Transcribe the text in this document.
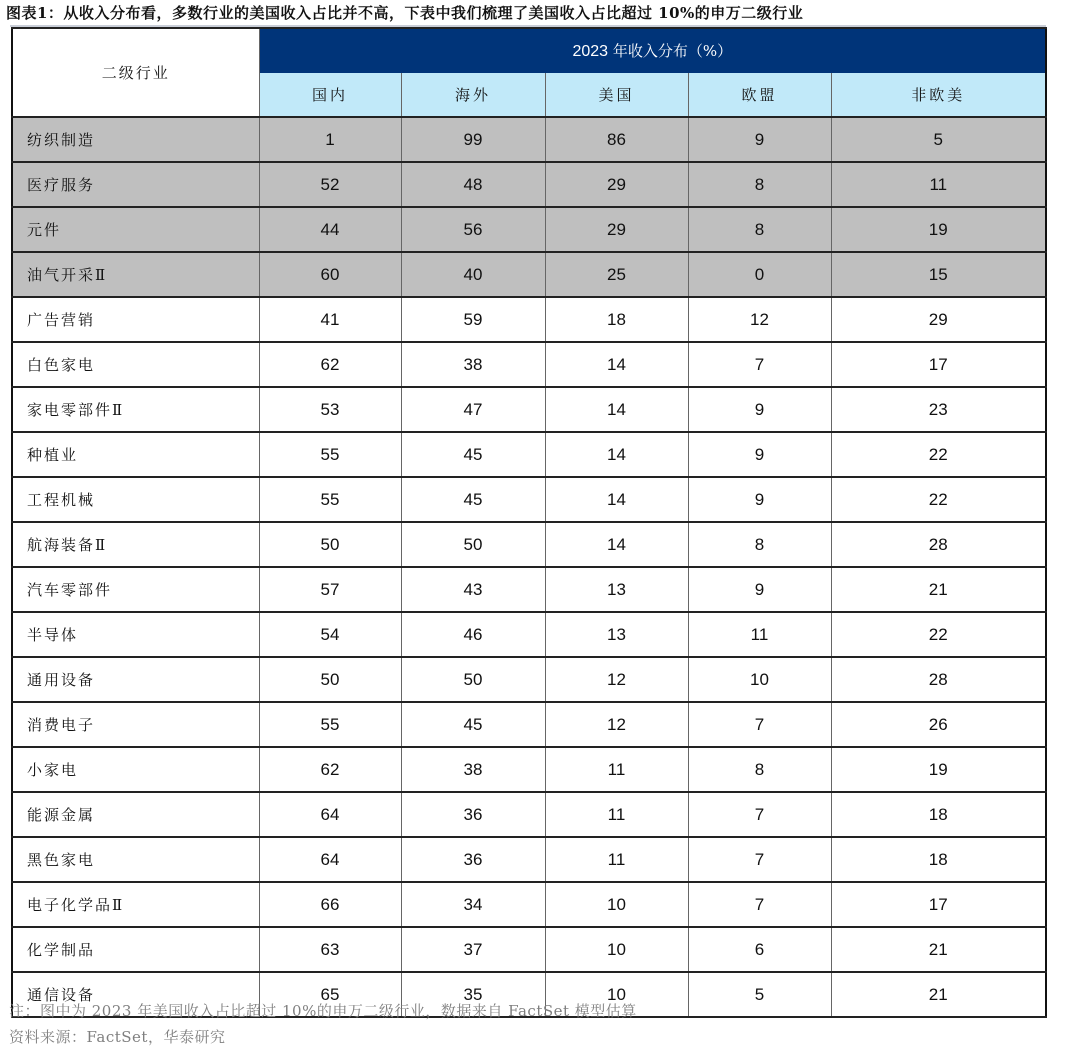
图表1：从收入分布看，多数行业的美国收入占比并不高，下表中我们梳理了美国收入占比超过 10%的申万二级行业
二级行业	2023 年收入分布（%）				
	国内	海外	美国	欧盟	非欧美
纺织制造	1	99	86	9	5
医疗服务	52	48	29	8	11
元件	44	56	29	8	19
油气开采Ⅱ	60	40	25	0	15
广告营销	41	59	18	12	29
白色家电	62	38	14	7	17
家电零部件Ⅱ	53	47	14	9	23
种植业	55	45	14	9	22
工程机械	55	45	14	9	22
航海装备Ⅱ	50	50	14	8	28
汽车零部件	57	43	13	9	21
半导体	54	46	13	11	22
通用设备	50	50	12	10	28
消费电子	55	45	12	7	26
小家电	62	38	11	8	19
能源金属	64	36	11	7	18
黑色家电	64	36	11	7	18
电子化学品Ⅱ	66	34	10	7	17
化学制品	63	37	10	6	21
通信设备	65	35	10	5	21
注：图中为 2023 年美国收入占比超过 10%的申万二级行业，数据来自 FactSet 模型估算
资料来源：FactSet，华泰研究
